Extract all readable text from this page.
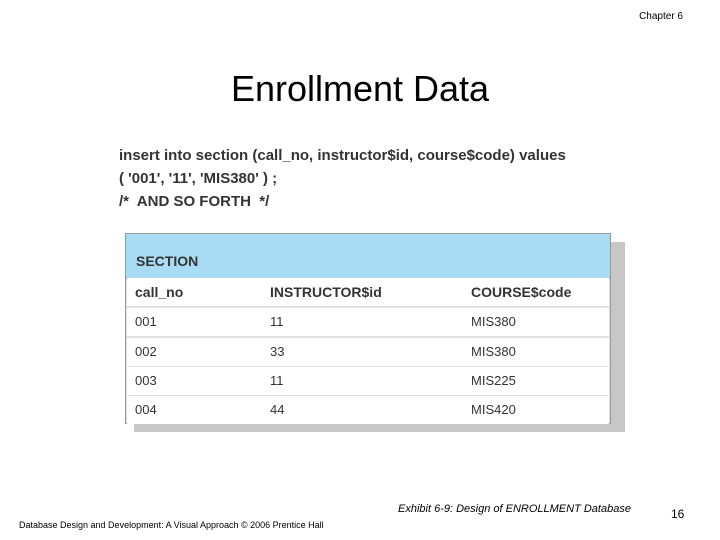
Chapter 6
Enrollment Data
insert into section (call_no, instructor$id, course$code) values
( '001', '11', 'MIS380' ) ;
/*  AND SO FORTH  */
SECTION
call_no	INSTRUCTOR$id	COURSE$code
001	11	MIS380
002	33	MIS380
003	11	MIS225
004	44	MIS420
Exhibit 6-9: Design of ENROLLMENT Database	16
Database Design and Development: A Visual Approach © 2006 Prentice Hall
